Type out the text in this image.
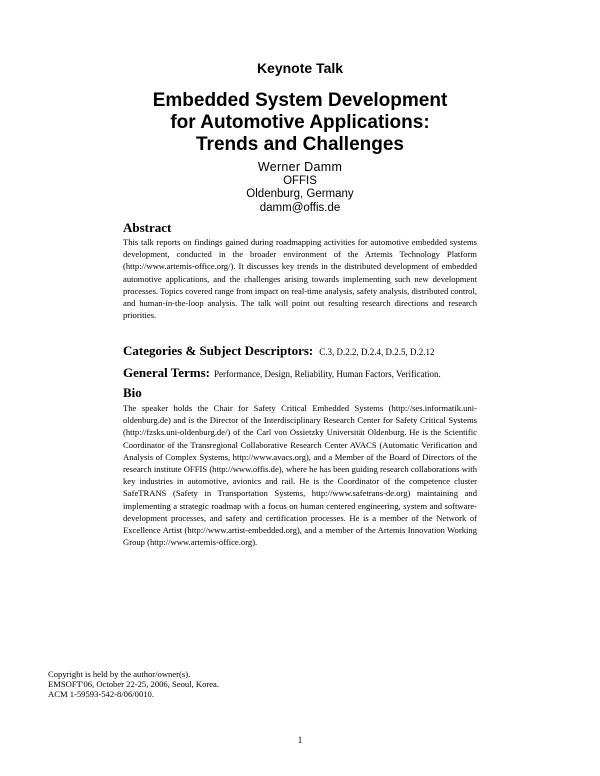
Keynote Talk
Embedded System Development
for Automotive Applications:
Trends and Challenges
Werner Damm
OFFIS
Oldenburg, Germany
damm@offis.de
Abstract
This talk reports on findings gained during roadmapping activities for automotive embedded systems development, conducted in the broader environment of the Artemis Technology Platform (http://www.artemis-office.org/). It discusses key trends in the distributed development of embedded automotive applications, and the challenges arising towards implementing such new development processes. Topics covered range from impact on real-time analysis, safety analysis, distributed control, and human-in-the-loop analysis. The talk will point out resulting research directions and research priorities.
Categories & Subject Descriptors: C.3, D.2.2, D.2.4, D.2.5, D.2.12
General Terms: Performance, Design, Reliability, Human Factors, Verification.
Bio
The speaker holds the Chair for Safety Critical Embedded Systems (http://ses.informatik.uni-oldenburg.de) and is the Director of the Interdisciplinary Research Center for Safety Critical Systems (http://fzsks.uni-oldenburg.de/) of the Carl von Ossietzky Universität Oldenburg. He is the Scientific Coordinator of the Transregional Collaborative Research Center AVACS (Automatic Verification and Analysis of Complex Systems, http://www.avacs.org), and a Member of the Board of Directors of the research institute OFFIS (http://www.offis.de), where he has been guiding research collaborations with key industries in automotive, avionics and rail. He is the Coordinator of the competence cluster SafeTRANS (Safety in Transportation Systems, http://www.safetrans-de.org) maintaining and implementing a strategic roadmap with a focus on human centered engineering, system and software-development processes, and safety and certification processes. He is a member of the Network of Excellence Artist (http://www.artist-embedded.org), and a member of the Artemis Innovation Working Group (http://www.artemis-office.org).
Copyright is held by the author/owner(s).
EMSOFT'06, October 22-25, 2006, Seoul, Korea.
ACM 1-59593-542-8/06/0010.
1
